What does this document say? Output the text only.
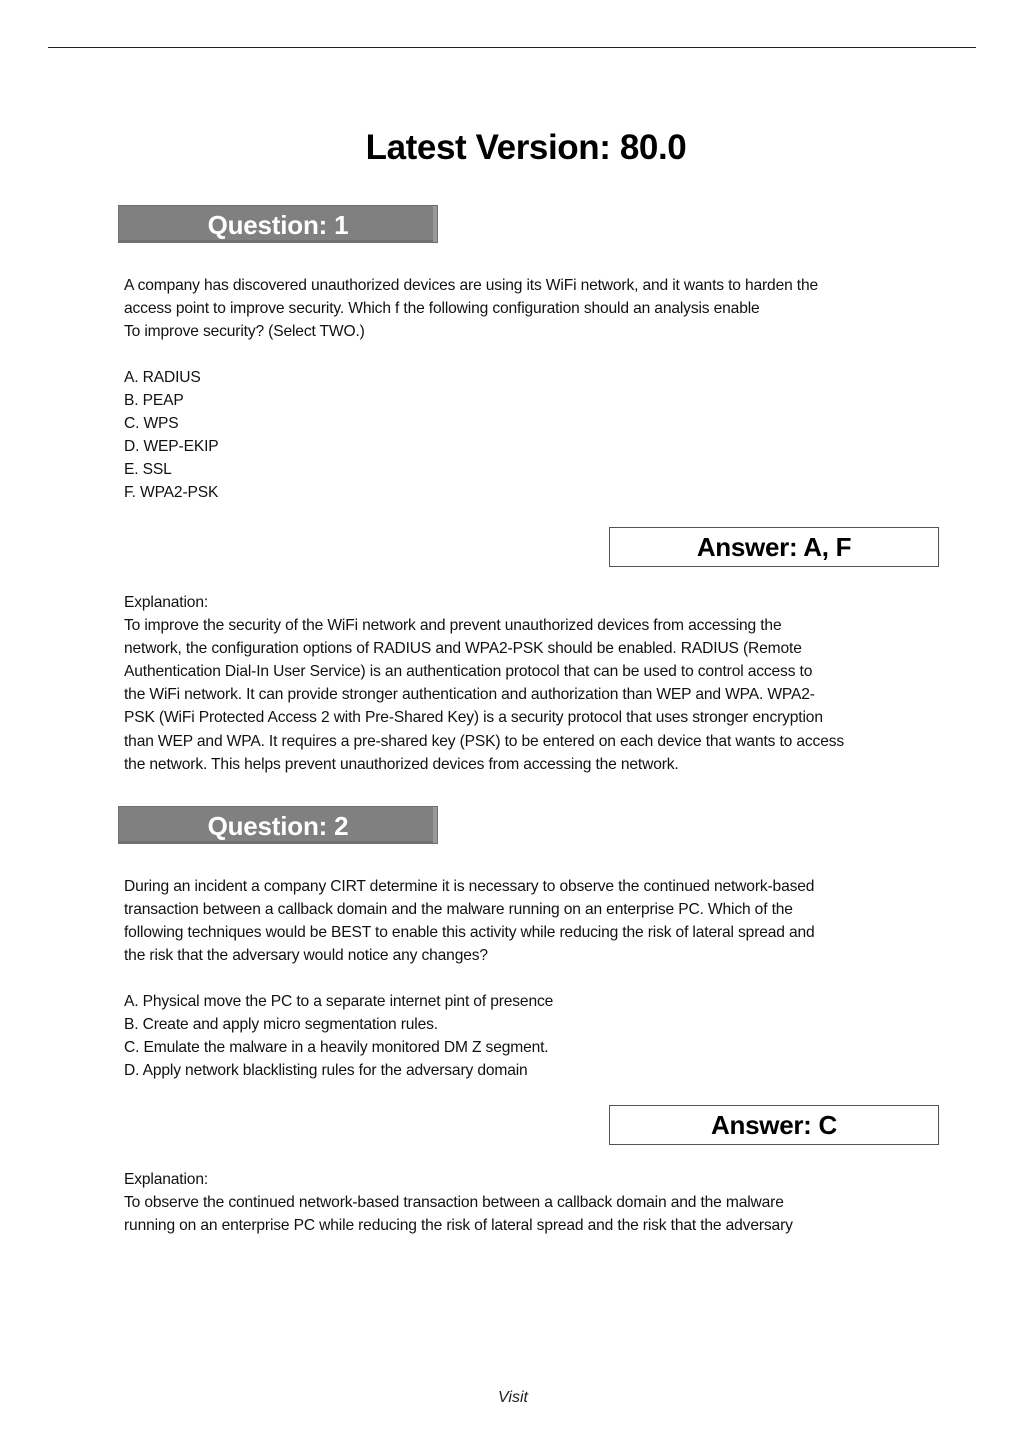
Latest Version: 80.0
Question: 1

A company has discovered unauthorized devices are using its WiFi network, and it wants to harden the

access point to improve security. Which f the following configuration should an analysis enable

To improve security? (Select TWO.)

A. RADIUS
B. PEAP
C. WPS
D. WEP-EKIP
E. SSL
F. WPA2-PSK
Answer: A, F

Explanation:

To improve the security of the WiFi network and prevent unauthorized devices from accessing the

network, the configuration options of RADIUS and WPA2-PSK should be enabled. RADIUS (Remote

Authentication Dial-In User Service) is an authentication protocol that can be used to control access to

the WiFi network. It can provide stronger authentication and authorization than WEP and WPA. WPA2-

PSK (WiFi Protected Access 2 with Pre-Shared Key) is a security protocol that uses stronger encryption

than WEP and WPA. It requires a pre-shared key (PSK) to be entered on each device that wants to access

the network. This helps prevent unauthorized devices from accessing the network.

Question: 2

During an incident a company CIRT determine it is necessary to observe the continued network-based

transaction between a callback domain and the malware running on an enterprise PC. Which of the

following techniques would be BEST to enable this activity while reducing the risk of lateral spread and

the risk that the adversary would notice any changes?

A. Physical move the PC to a separate internet pint of presence
B. Create and apply micro segmentation rules.
C. Emulate the malware in a heavily monitored DM Z segment.
D. Apply network blacklisting rules for the adversary domain
Answer: C

Explanation:

To observe the continued network-based transaction between a callback domain and the malware

running on an enterprise PC while reducing the risk of lateral spread and the risk that the adversary

Visit
